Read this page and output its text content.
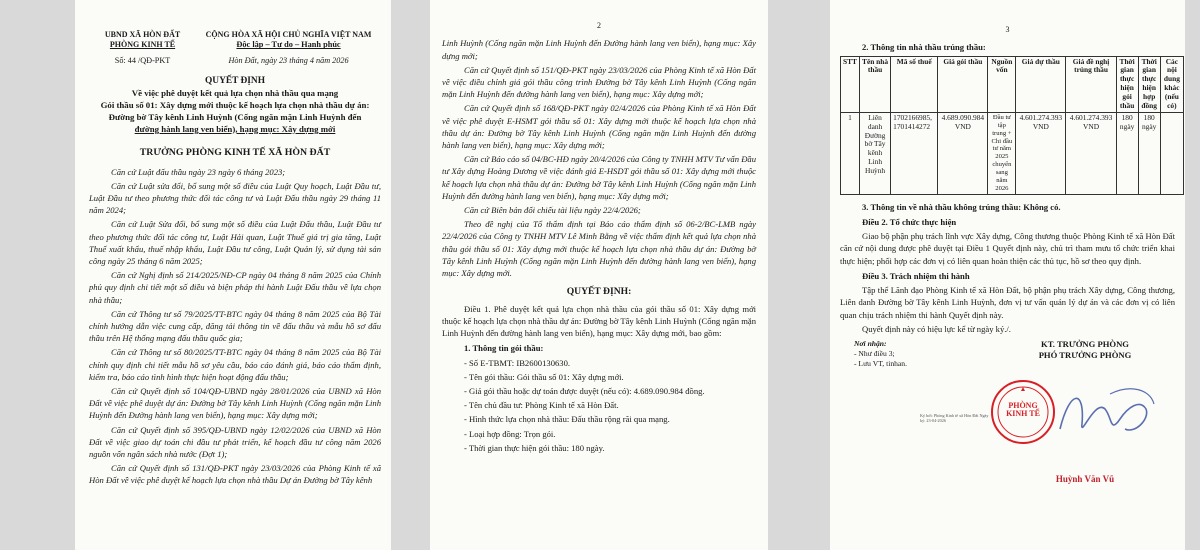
UBND XÃ HÒN ĐẤT
PHÒNG KINH TẾ
CỘNG HÒA XÃ HỘI CHỦ NGHĨA VIỆT NAM
Độc lập – Tự do – Hạnh phúc
Số: 44 /QĐ-PKT	Hòn Đất, ngày 23 tháng 4 năm 2026
QUYẾT ĐỊNH
Về việc phê duyệt kết quả lựa chọn nhà thầu qua mạng
Gói thầu số 01: Xây dựng mới thuộc kế hoạch lựa chọn nhà thầu dự án:
Đường bờ Tây kênh Linh Huỳnh (Cống ngăn mặn Linh Huỳnh đến
đường hành lang ven biển), hạng mục: Xây dựng mới
TRƯỞNG PHÒNG KINH TẾ XÃ HÒN ĐẤT

Căn cứ Luật đấu thầu ngày 23 ngày 6 tháng 2023;

Căn cứ Luật sửa đổi, bổ sung một số điều của Luật Quy hoạch, Luật Đầu tư, Luật Đầu tư theo phương thức đối tác công tư và Luật Đấu thầu ngày 29 tháng 11 năm 2024;

Căn cứ Luật Sửa đổi, bổ sung một số điều của Luật Đấu thầu, Luật Đầu tư theo phương thức đối tác công tư, Luật Hải quan, Luật Thuế giá trị gia tăng, Luật Thuế xuất khẩu, thuế nhập khẩu, Luật Đầu tư công, Luật Quản lý, sử dụng tài sản công ngày 25 tháng 6 năm 2025;

Căn cứ Nghị định số 214/2025/NĐ-CP ngày 04 tháng 8 năm 2025 của Chính phủ quy định chi tiết một số điều và biện pháp thi hành Luật Đấu thầu về lựa chọn nhà thầu;

Căn cứ Thông tư số 79/2025/TT-BTC ngày 04 tháng 8 năm 2025 của Bộ Tài chính hướng dẫn việc cung cấp, đăng tải thông tin về đấu thầu và mẫu hồ sơ đấu thầu trên Hệ thống mạng đấu thầu quốc gia;

Căn cứ Thông tư số 80/2025/TT-BTC ngày 04 tháng 8 năm 2025 của Bộ Tài chính quy định chi tiết mẫu hồ sơ yêu cầu, báo cáo đánh giá, báo cáo thẩm định, kiểm tra, báo cáo tình hình thực hiện hoạt động đấu thầu;

Căn cứ Quyết định số 104/QĐ-UBND ngày 28/01/2026 của UBND xã Hòn Đất về việc phê duyệt dự án: Đường bờ Tây kênh Linh Huỳnh (Cống ngăn mặn Linh Huỳnh đến Đường hành lang ven biển), hạng mục: Xây dựng mới;

Căn cứ Quyết định số 395/QĐ-UBND ngày 12/02/2026 của UBND xã Hòn Đất về việc giao dự toán chi đầu tư phát triển, kế hoạch đầu tư công năm 2026 nguồn vốn ngân sách nhà nước (Đợt 1);

Căn cứ Quyết định số 131/QĐ-PKT ngày 23/03/2026 của Phòng Kinh tế xã Hòn Đất về việc phê duyệt kế hoạch lựa chọn nhà thầu Dự án Đường bờ Tây kênh

2

Linh Huỳnh (Cống ngăn mặn Linh Huỳnh đến Đường hành lang ven biển), hạng mục: Xây dựng mới;

Căn cứ Quyết định số 151/QĐ-PKT ngày 23/03/2026 của Phòng Kinh tế xã Hòn Đất về việc điều chỉnh giá gói thầu công trình Đường bờ Tây kênh Linh Huỳnh (Cống ngăn mặn Linh Huỳnh đến đường hành lang ven biển), hạng mục: Xây dựng mới;

Căn cứ Quyết định số 168/QĐ-PKT ngày 02/4/2026 của Phòng Kinh tế xã Hòn Đất về việc phê duyệt E-HSMT gói thầu số 01: Xây dựng mới thuộc kế hoạch lựa chọn nhà thầu dự án: Đường bờ Tây kênh Linh Huỳnh (Cống ngăn mặn Linh Huỳnh đến đường hành lang ven biển), hạng mục: Xây dựng mới;

Căn cứ Báo cáo số 04/BC-HĐ ngày 20/4/2026 của Công ty TNHH MTV Tư vấn Đầu tư Xây dựng Hoàng Dương về việc đánh giá E-HSDT gói thầu số 01: Xây dựng mới thuộc kế hoạch lựa chọn nhà thầu dự án: Đường bờ Tây kênh Linh Huỳnh (Cống ngăn mặn Linh Huỳnh đến đường hành lang ven biển), hạng mục: Xây dựng mới;

Căn cứ Biên bản đối chiếu tài liệu ngày 22/4/2026;

Theo đề nghị của Tổ thẩm định tại Báo cáo thẩm định số 06-2/BC-LMB ngày 22/4/2026 của Công ty TNHH MTV Lê Minh Bằng về việc thẩm định kết quả lựa chọn nhà thầu gói thầu số 01: Xây dựng mới thuộc kế hoạch lựa chọn nhà thầu dự án: Đường bờ Tây kênh Linh Huỳnh (Cống ngăn mặn Linh Huỳnh đến đường hành lang ven biển), hạng mục: Xây dựng mới.

QUYẾT ĐỊNH:

Điều 1. Phê duyệt kết quả lựa chọn nhà thầu của gói thầu số 01: Xây dựng mới thuộc kế hoạch lựa chọn nhà thầu dự án: Đường bờ Tây kênh Linh Huỳnh (Cống ngăn mặn Linh Huỳnh đến đường hành lang ven biển), hạng mục: Xây dựng mới, bao gồm:

1. Thông tin gói thầu:
- Số E-TBMT: IB2600130630.
- Tên gói thầu: Gói thầu số 01: Xây dựng mới.
- Giá gói thầu hoặc dự toán được duyệt (nếu có): 4.689.090.984 đồng.
- Tên chủ đầu tư: Phòng Kinh tế xã Hòn Đất.
- Hình thức lựa chọn nhà thầu: Đấu thầu rộng rãi qua mạng.
- Loại hợp đồng: Trọn gói.
- Thời gian thực hiện gói thầu: 180 ngày.
3
2. Thông tin nhà thầu trúng thầu:
STT	Tên nhà thầu	Mã số thuế	Giá gói thầu	Nguồn vốn	Giá dự thầu	Giá đề nghị trúng thầu	Thời gian thực hiện gói thầu	Thời gian thực hiện hợp đồng	Các nội dung khác (nếu có)
1	Liên danh Đường bờ Tây kênh Linh Huỳnh	1702166985, 1701414272	4.689.090.984 VND	Đầu tư tập trung + Chi đầu tư năm 2025 chuyển sang năm 2026	4.601.274.393 VND	4.601.274.393 VND	180 ngày	180 ngày	
3. Thông tin về nhà thầu không trúng thầu: Không có.
Điều 2. Tổ chức thực hiện

Giao bộ phận phụ trách lĩnh vực Xây dựng, Công thương thuộc Phòng Kinh tế xã Hòn Đất căn cứ nội dung được phê duyệt tại Điều 1 Quyết định này, chủ trì tham mưu tổ chức triển khai thực hiện; phối hợp các đơn vị có liên quan hoàn thiện các thủ tục, hồ sơ theo quy định.

Điều 3. Trách nhiệm thi hành

Tập thể Lãnh đạo Phòng Kinh tế xã Hòn Đất, bộ phận phụ trách Xây dựng, Công thương, Liên danh Đường bờ Tây kênh Linh Huỳnh, đơn vị tư vấn quản lý dự án và các đơn vị có liên quan chịu trách nhiệm thi hành Quyết định này.

Quyết định này có hiệu lực kể từ ngày ký./.

Nơi nhận:
- Như điều 3;
- Lưu VT, tinhan.
KT. TRƯỞNG PHÒNG
PHÓ TRƯỞNG PHÒNG
Ký bởi: Phòng Kinh tế xã Hòn Đất Ngày ký: 23-04-2026
PHÒNG KINH TẾ
Huỳnh Văn Vũ
